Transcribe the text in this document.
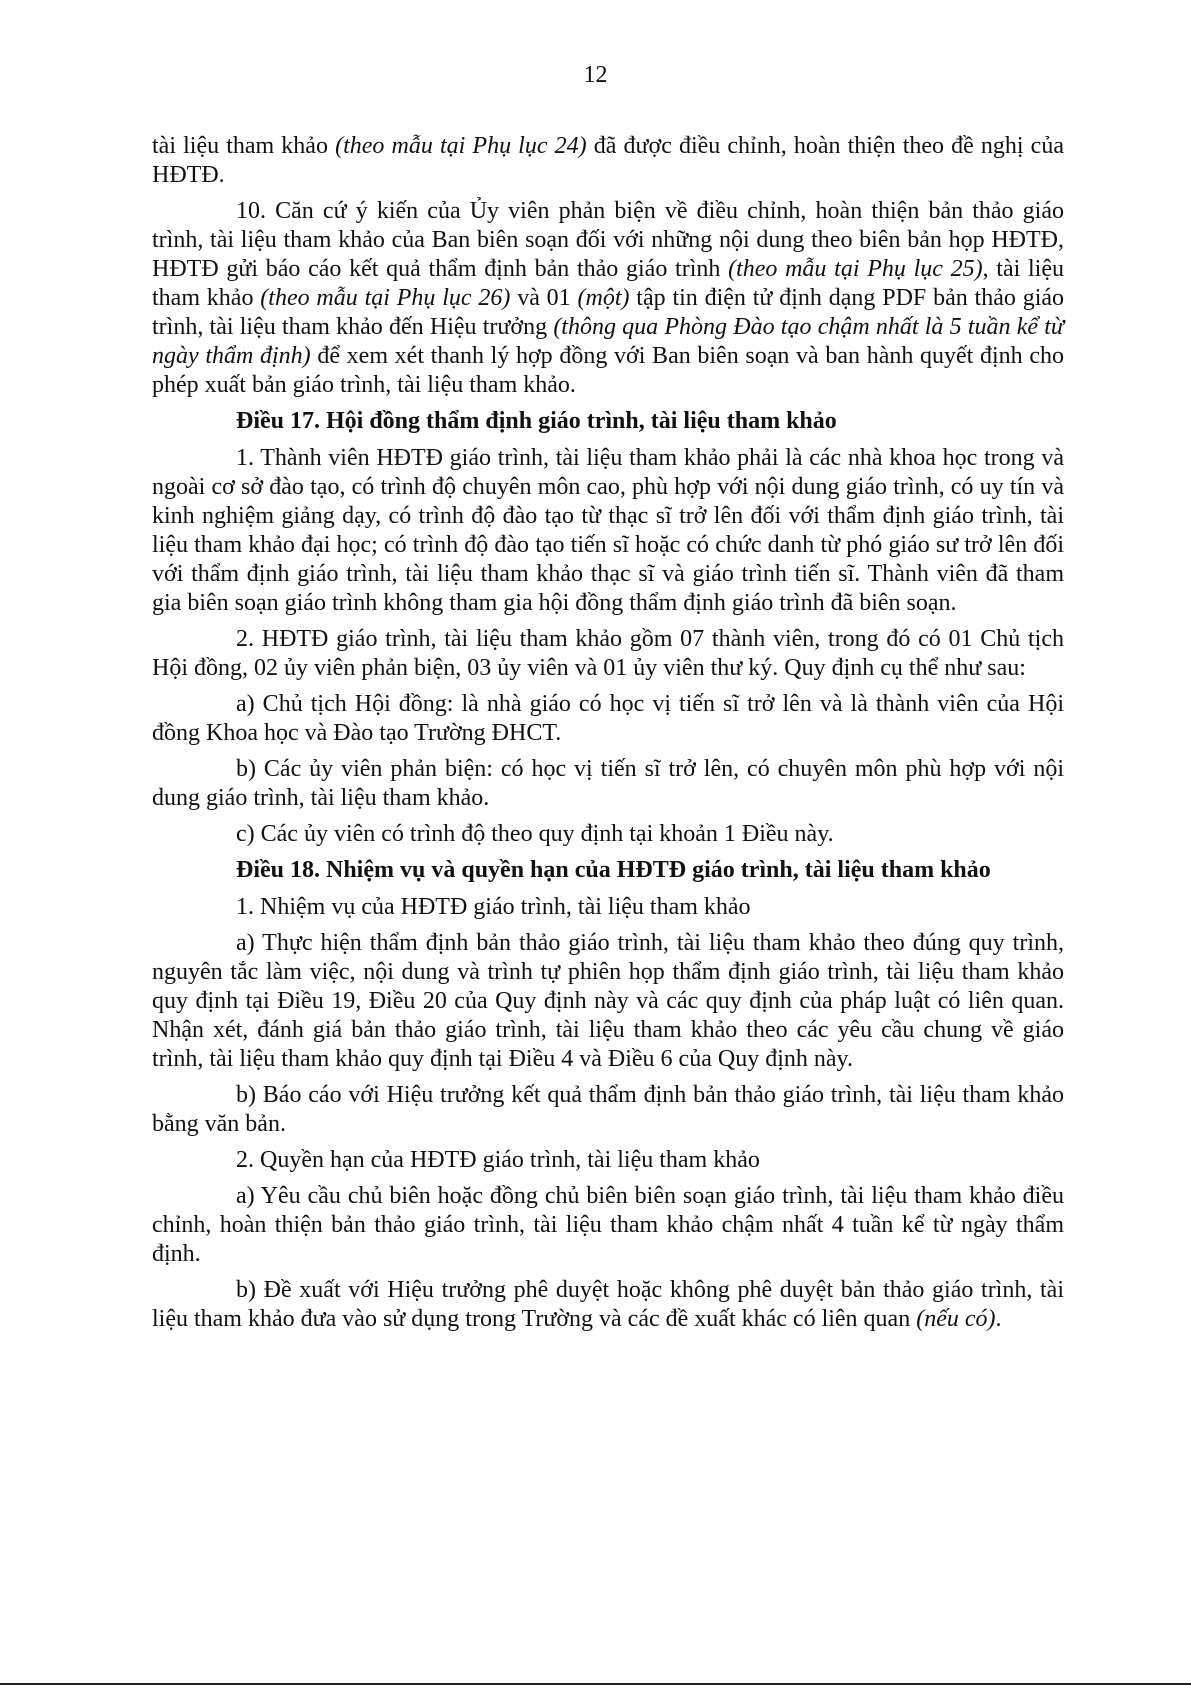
12

tài liệu tham khảo (theo mẫu tại Phụ lục 24) đã được điều chỉnh, hoàn thiện theo đề nghị của HĐTĐ.

10. Căn cứ ý kiến của Ủy viên phản biện về điều chỉnh, hoàn thiện bản thảo giáo trình, tài liệu tham khảo của Ban biên soạn đối với những nội dung theo biên bản họp HĐTĐ, HĐTĐ gửi báo cáo kết quả thẩm định bản thảo giáo trình (theo mẫu tại Phụ lục 25), tài liệu tham khảo (theo mẫu tại Phụ lục 26) và 01 (một) tập tin điện tử định dạng PDF bản thảo giáo trình, tài liệu tham khảo đến Hiệu trưởng (thông qua Phòng Đào tạo chậm nhất là 5 tuần kể từ ngày thẩm định) để xem xét thanh lý hợp đồng với Ban biên soạn và ban hành quyết định cho phép xuất bản giáo trình, tài liệu tham khảo.

Điều 17. Hội đồng thẩm định giáo trình, tài liệu tham khảo

1. Thành viên HĐTĐ giáo trình, tài liệu tham khảo phải là các nhà khoa học trong và ngoài cơ sở đào tạo, có trình độ chuyên môn cao, phù hợp với nội dung giáo trình, có uy tín và kinh nghiệm giảng dạy, có trình độ đào tạo từ thạc sĩ trở lên đối với thẩm định giáo trình, tài liệu tham khảo đại học; có trình độ đào tạo tiến sĩ hoặc có chức danh từ phó giáo sư trở lên đối với thẩm định giáo trình, tài liệu tham khảo thạc sĩ và giáo trình tiến sĩ. Thành viên đã tham gia biên soạn giáo trình không tham gia hội đồng thẩm định giáo trình đã biên soạn.

2. HĐTĐ giáo trình, tài liệu tham khảo gồm 07 thành viên, trong đó có 01 Chủ tịch Hội đồng, 02 ủy viên phản biện, 03 ủy viên và 01 ủy viên thư ký. Quy định cụ thể như sau:

a) Chủ tịch Hội đồng: là nhà giáo có học vị tiến sĩ trở lên và là thành viên của Hội đồng Khoa học và Đào tạo Trường ĐHCT.

b) Các ủy viên phản biện: có học vị tiến sĩ trở lên, có chuyên môn phù hợp với nội dung giáo trình, tài liệu tham khảo.

c) Các ủy viên có trình độ theo quy định tại khoản 1 Điều này.

Điều 18. Nhiệm vụ và quyền hạn của HĐTĐ giáo trình, tài liệu tham khảo

1. Nhiệm vụ của HĐTĐ giáo trình, tài liệu tham khảo

a) Thực hiện thẩm định bản thảo giáo trình, tài liệu tham khảo theo đúng quy trình, nguyên tắc làm việc, nội dung và trình tự phiên họp thẩm định giáo trình, tài liệu tham khảo quy định tại Điều 19, Điều 20 của Quy định này và các quy định của pháp luật có liên quan. Nhận xét, đánh giá bản thảo giáo trình, tài liệu tham khảo theo các yêu cầu chung về giáo trình, tài liệu tham khảo quy định tại Điều 4 và Điều 6 của Quy định này.

b) Báo cáo với Hiệu trưởng kết quả thẩm định bản thảo giáo trình, tài liệu tham khảo bằng văn bản.

2. Quyền hạn của HĐTĐ giáo trình, tài liệu tham khảo

a) Yêu cầu chủ biên hoặc đồng chủ biên biên soạn giáo trình, tài liệu tham khảo điều chỉnh, hoàn thiện bản thảo giáo trình, tài liệu tham khảo chậm nhất 4 tuần kể từ ngày thẩm định.

b) Đề xuất với Hiệu trưởng phê duyệt hoặc không phê duyệt bản thảo giáo trình, tài liệu tham khảo đưa vào sử dụng trong Trường và các đề xuất khác có liên quan (nếu có).
